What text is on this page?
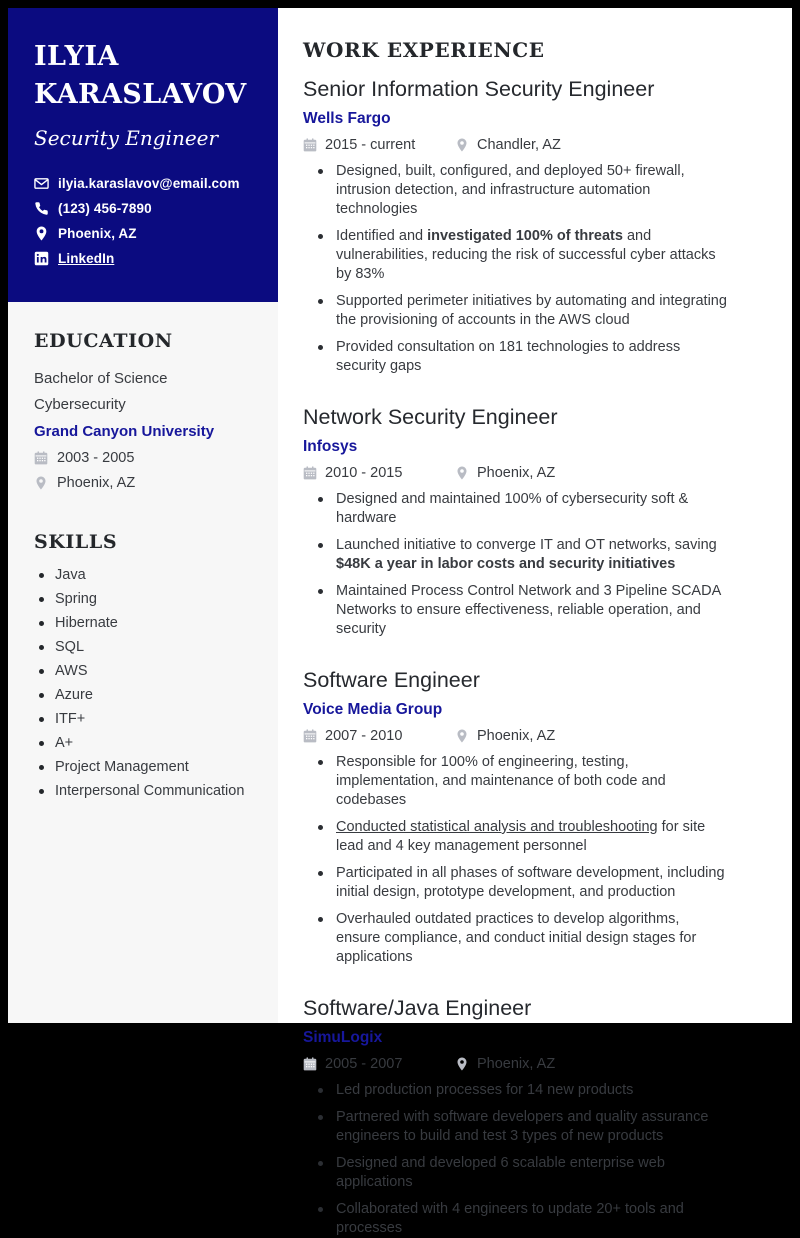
ILYIA
KARASLAVOV
Security Engineer
ilyia.karaslavov@email.com
(123) 456-7890
Phoenix, AZ
LinkedIn
EDUCATION
Bachelor of Science
Cybersecurity
Grand Canyon University
2003 - 2005
Phoenix, AZ
SKILLS
Java
Spring
Hibernate
SQL
AWS
Azure
ITF+
A+
Project Management
Interpersonal Communication
WORK EXPERIENCE
Senior Information Security Engineer
Wells Fargo
2015 - current	Chandler, AZ
Designed, built, configured, and deployed 50+ firewall, intrusion detection, and infrastructure automation technologies
Identified and investigated 100% of threats and vulnerabilities, reducing the risk of successful cyber attacks by 83%
Supported perimeter initiatives by automating and integrating the provisioning of accounts in the AWS cloud
Provided consultation on 181 technologies to address security gaps
Network Security Engineer
Infosys
2010 - 2015	Phoenix, AZ
Designed and maintained 100% of cybersecurity soft & hardware
Launched initiative to converge IT and OT networks, saving $48K a year in labor costs and security initiatives
Maintained Process Control Network and 3 Pipeline SCADA Networks to ensure effectiveness, reliable operation, and security
Software Engineer
Voice Media Group
2007 - 2010	Phoenix, AZ
Responsible for 100% of engineering, testing, implementation, and maintenance of both code and codebases
Conducted statistical analysis and troubleshooting for site lead and 4 key management personnel
Participated in all phases of software development, including initial design, prototype development, and production
Overhauled outdated practices to develop algorithms, ensure compliance, and conduct initial design stages for applications
Software/Java Engineer
SimuLogix
2005 - 2007	Phoenix, AZ
Led production processes for 14 new products
Partnered with software developers and quality assurance engineers to build and test 3 types of new products
Designed and developed 6 scalable enterprise web applications
Collaborated with 4 engineers to update 20+ tools and processes
